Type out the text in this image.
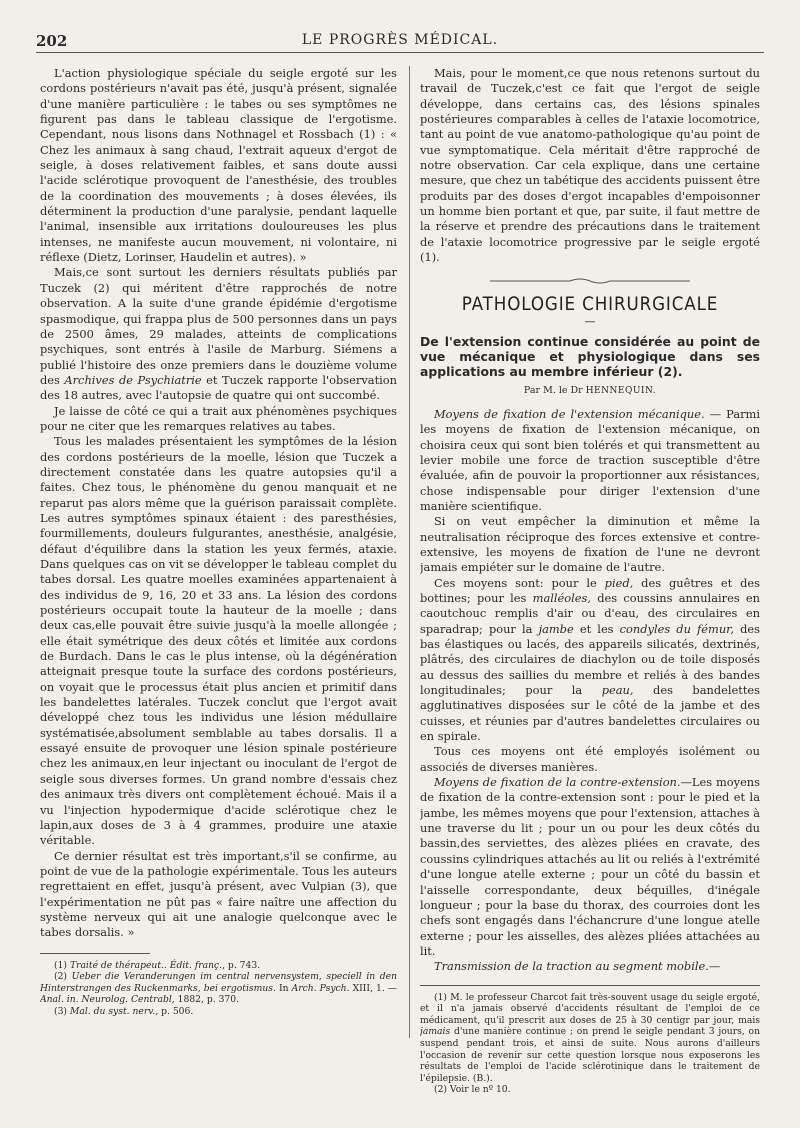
202	LE PROGRÈS MÉDICAL.

L'action physiologique spéciale du seigle ergoté sur les cordons postérieurs n'avait pas été, jusqu'à présent, signalée d'une manière particulière : le tabes ou ses symptômes ne figurent pas dans le tableau classique de l'ergotisme. Cependant, nous lisons dans Nothnagel et Rossbach (1) : « Chez les animaux à sang chaud, l'extrait aqueux d'ergot de seigle, à doses relativement faibles, et sans doute aussi l'acide sclérotique provoquent de l'anesthésie, des troubles de la coordination des mouvements ; à doses élevées, ils déterminent la production d'une paralysie, pendant laquelle l'animal, insensible aux irritations douloureuses les plus intenses, ne manifeste aucun mouvement, ni volontaire, ni réflexe (Dietz, Lorinser, Haudelin et autres). »

Mais,ce sont surtout les derniers résultats publiés par Tuczek (2) qui méritent d'être rapprochés de notre observation. A la suite d'une grande épidémie d'ergotisme spasmodique, qui frappa plus de 500 personnes dans un pays de 2500 âmes, 29 malades, atteints de complications psychiques, sont entrés à l'asile de Marburg. Siémens a publié l'histoire des onze premiers dans le douzième volume des Archives de Psychiatrie et Tuczek rapporte l'observation des 18 autres, avec l'autopsie de quatre qui ont succombé.

Je laisse de côté ce qui a trait aux phénomènes psychiques pour ne citer que les remarques relatives au tabes.

Tous les malades présentaient les symptômes de la lésion des cordons postérieurs de la moelle, lésion que Tuczek a directement constatée dans les quatre autopsies qu'il a faites. Chez tous, le phénomène du genou manquait et ne reparut pas alors même que la guérison paraissait complète. Les autres symptômes spinaux étaient : des paresthésies, fourmillements, douleurs fulgurantes, anesthésie, analgésie, défaut d'équilibre dans la station les yeux fermés, ataxie. Dans quelques cas on vit se développer le tableau complet du tabes dorsal. Les quatre moelles examinées appartenaient à des individus de 9, 16, 20 et 33 ans. La lésion des cordons postérieurs occupait toute la hauteur de la moelle ; dans deux cas,elle pouvait être suivie jusqu'à la moelle allongée ; elle était symétrique des deux côtés et limitée aux cordons de Burdach. Dans le cas le plus intense, où la dégénération atteignait presque toute la surface des cordons postérieurs, on voyait que le processus était plus ancien et primitif dans les bandelettes latérales. Tuczek conclut que l'ergot avait développé chez tous les individus une lésion médullaire systématisée,absolument semblable au tabes dorsalis. Il a essayé ensuite de provoquer une lésion spinale postérieure chez les animaux,en leur injectant ou inoculant de l'ergot de seigle sous diverses formes. Un grand nombre d'essais chez des animaux très divers ont complètement échoué. Mais il a vu l'injection hypodermique d'acide sclérotique chez le lapin,aux doses de 3 à 4 grammes, produire une ataxie véritable.

Ce dernier résultat est très important,s'il se confirme, au point de vue de la pathologie expérimentale. Tous les auteurs regrettaient en effet, jusqu'à présent, avec Vulpian (3), que l'expérimentation ne pût pas « faire naître une affection du système nerveux qui ait une analogie quelconque avec le tabes dorsalis. »

(1) Traité de thérapeut.. Édit. franç., p. 743.

(2) Ueber die Veranderungen im central nervensystem, speciell in den Hinterstrangen des Ruckenmarks, bei ergotismus. In Arch. Psych. XIII, 1. — Anal. in. Neurolog. Centrabl, 1882, p. 370.

(3) Mal. du syst. nerv., p. 506.

Mais, pour le moment,ce que nous retenons surtout du travail de Tuczek,c'est ce fait que l'ergot de seigle développe, dans certains cas, des lésions spinales postérieures comparables à celles de l'ataxie locomotrice, tant au point de vue anatomo-pathologique qu'au point de vue symptomatique. Cela méritait d'être rapproché de notre observation. Car cela explique, dans une certaine mesure, que chez un tabétique des accidents puissent être produits par des doses d'ergot incapables d'empoisonner un homme bien portant et que, par suite, il faut mettre de la réserve et prendre des précautions dans le traitement de l'ataxie locomotrice progressive par le seigle ergoté (1).

PATHOLOGIE CHIRURGICALE
—
De l'extension continue considérée au point de vue mécanique et physiologique dans ses applications au membre inférieur (2).
Par M. le Dr HENNEQUIN.

Moyens de fixation de l'extension mécanique. — Parmi les moyens de fixation de l'extension mécanique, on choisira ceux qui sont bien tolérés et qui transmettent au levier mobile une force de traction susceptible d'être évaluée, afin de pouvoir la proportionner aux résistances, chose indispensable pour diriger l'extension d'une manière scientifique.

Si on veut empêcher la diminution et même la neutralisation réciproque des forces extensive et contre-extensive, les moyens de fixation de l'une ne devront jamais empiéter sur le domaine de l'autre.

Ces moyens sont: pour le pied, des guêtres et des bottines; pour les malléoles, des coussins annulaires en caoutchouc remplis d'air ou d'eau, des circulaires en sparadrap; pour la jambe et les condyles du fémur, des bas élastiques ou lacés, des appareils silicatés, dextrinés, plâtrés, des circulaires de diachylon ou de toile disposés au dessus des saillies du membre et reliés à des bandes longitudinales; pour la peau, des bandelettes agglutinatives disposées sur le côté de la jambe et des cuisses, et réunies par d'autres bandelettes circulaires ou en spirale.

Tous ces moyens ont été employés isolément ou associés de diverses manières.

Moyens de fixation de la contre-extension.—Les moyens de fixation de la contre-extension sont : pour le pied et la jambe, les mêmes moyens que pour l'extension, attaches à une traverse du lit ; pour un ou pour les deux côtés du bassin,des serviettes, des alèzes pliées en cravate, des coussins cylindriques attachés au lit ou reliés à l'extrémité d'une longue atelle externe ; pour un côté du bassin et l'aisselle correspondante, deux béquilles, d'inégale longueur ; pour la base du thorax, des courroies dont les chefs sont engagés dans l'échancrure d'une longue atelle externe ; pour les aisselles, des alèzes pliées attachées au lit.

Transmission de la traction au segment mobile.—

(1) M. le professeur Charcot fait très-souvent usage du seigle ergoté, et il n'a jamais observé d'accidents résultant de l'emploi de ce médicament, qu'il prescrit aux doses de 25 à 30 centigr par jour, mais jamais d'une manière continue ; on prend le seigle pendant 3 jours, on suspend pendant trois, et ainsi de suite. Nous aurons d'ailleurs l'occasion de revenir sur cette question lorsque nous exposerons les résultats de l'emploi de l'acide sclérotinique dans le traitement de l'épilepsie. (B.).

(2) Voir le nº 10.
